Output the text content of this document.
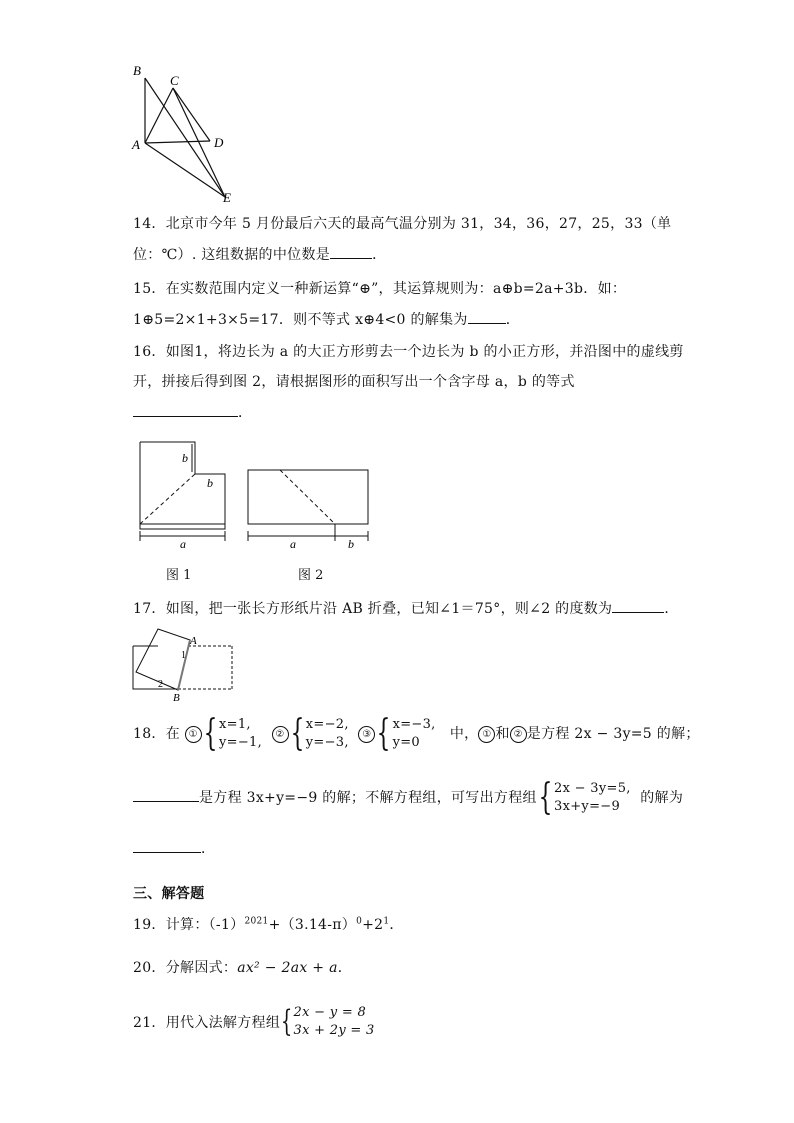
B
C
A	D
E
14．北京市今年 5 月份最后六天的最高气温分别为 31，34，36，27，25，33（单
位：℃）. 这组数据的中位数是	．
15．在实数范围内定义一种新运算“⊕”，其运算规则为：a⊕b=2a+3b．如：
1⊕5=2×1+3×5=17．则不等式 x⊕4<0 的解集为	．
16．如图1，将边长为 a 的大正方形剪去一个边长为 b 的小正方形，并沿图中的虚线剪
开，拼接后得到图 2，请根据图形的面积写出一个含字母 a，b 的等式
．
b
b
a	a	b
图 1	图 2
17．如图，把一张长方形纸片沿 AB 折叠，已知∠1＝75°，则∠2 的度数为	．
A
1
2
B
18．在 ① { x=1,
y=−1,  ② { x=−2,
y=−3,  ③ { x=−3,
y=0   中， ① 和 ② 是方程 2x − 3y=5 的解；
是方程 3x+y=−9 的解；不解方程组，可写出方程组{ 2x − 3y=5,
3x+y=−9  的解为
．
三、解答题
19．计算：$(-1)^{2021}+(3.14-\pi)^0+2^1$．
20．分解因式：ax² − 2ax + a．
21．用代入法解方程组{2x − y = 8
3x + 2y = 3
